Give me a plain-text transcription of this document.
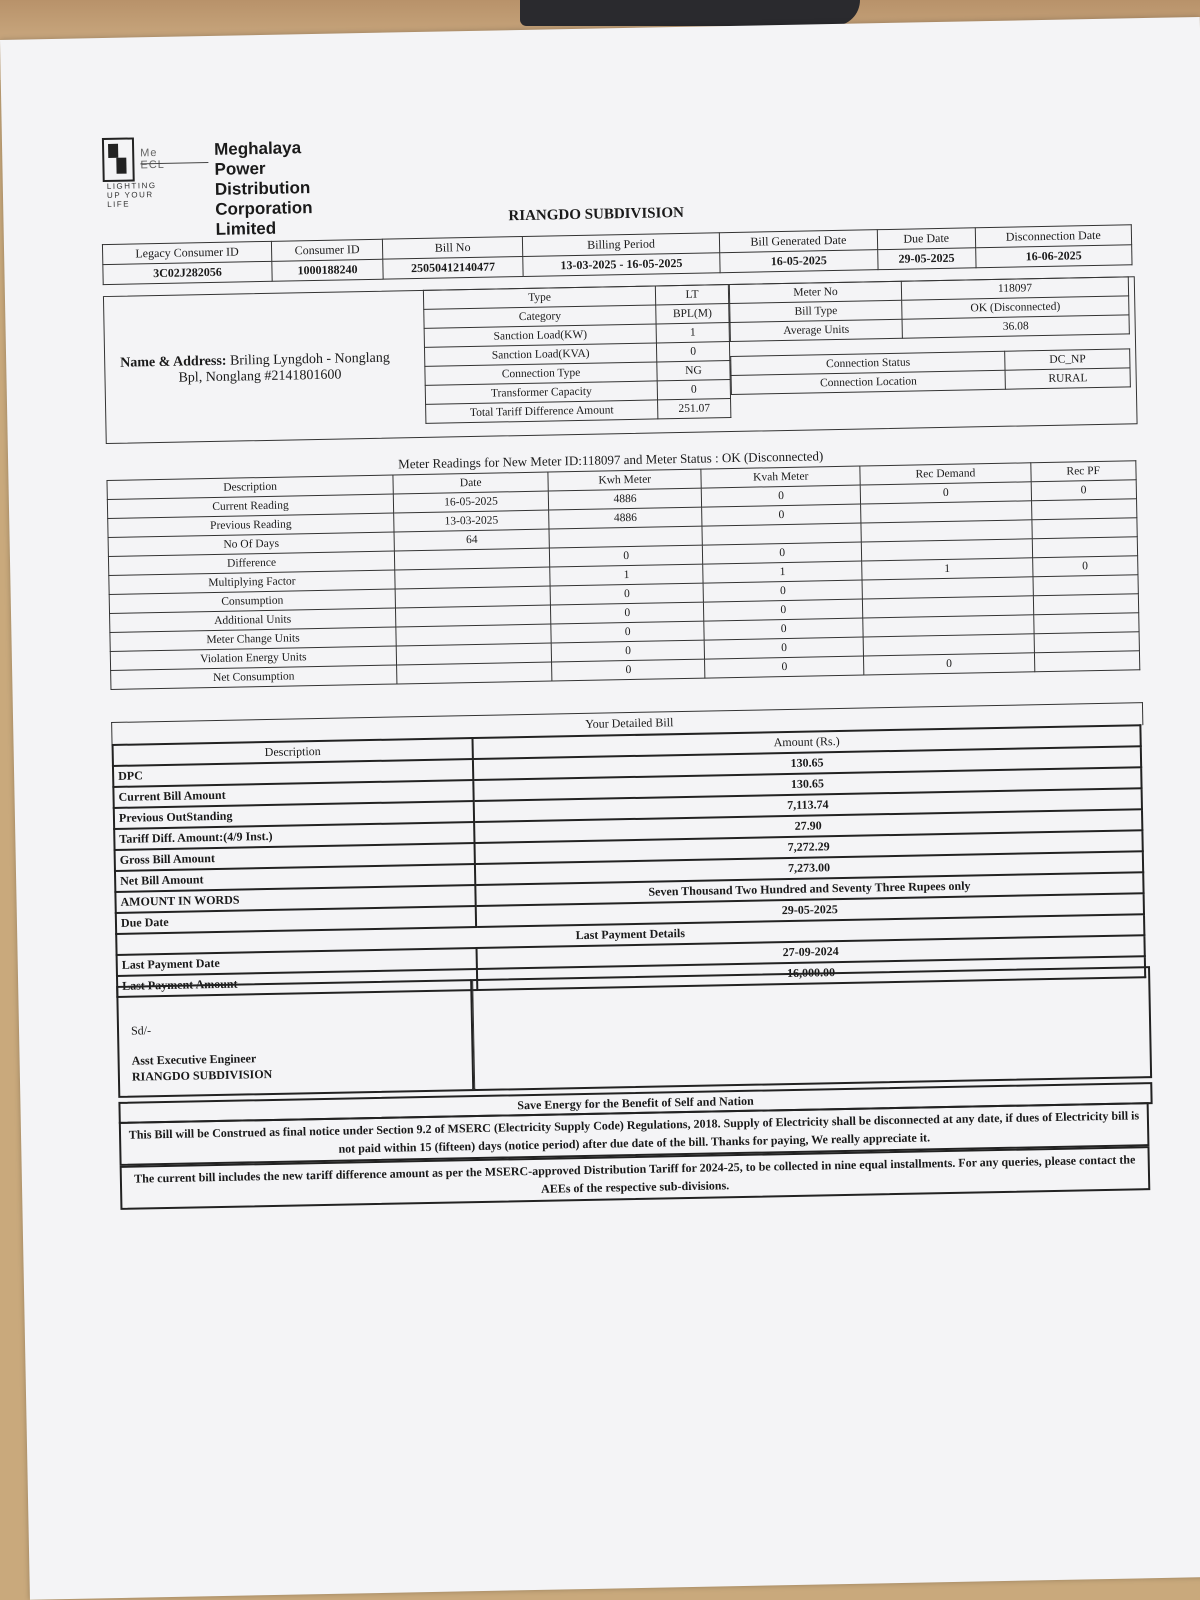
Me ECL
LIGHTING UP YOUR LIFE
Meghalaya Power Distribution Corporation Limited
RIANGDO SUBDIVISION
Legacy Consumer ID	Consumer ID	Bill No	Billing Period	Bill Generated Date	Due Date	Disconnection Date
3C02J282056	1000188240	25050412140477	13-03-2025 - 16-05-2025	16-05-2025	29-05-2025	16-06-2025
Name & Address: Briling Lyngdoh - Nonglang
Bpl, Nonglang #2141801600
Type	LT
Category	BPL(M)
Sanction Load(KW)	1
Sanction Load(KVA)	0
Connection Type	NG
Transformer Capacity	0
Total Tariff Difference Amount	251.07
Meter No	118097
Bill Type	OK (Disconnected)
Average Units	36.08
Connection Status	DC_NP
Connection Location	RURAL
Meter Readings for New Meter ID:118097 and Meter Status : OK (Disconnected)
Description	Date	Kwh Meter	Kvah Meter	Rec Demand	Rec PF
Current Reading	16-05-2025	4886	0	0	0
Previous Reading	13-03-2025	4886	0		
No Of Days	64				
Difference		0	0		
Multiplying Factor		1	1	1	0
Consumption		0	0		
Additional Units		0	0		
Meter Change Units		0	0		
Violation Energy Units		0	0		
Net Consumption		0	0	0	
Your Detailed Bill
Description	Amount (Rs.)
DPC	130.65
Current Bill Amount	130.65
Previous OutStanding	7,113.74
Tariff Diff. Amount:(4/9 Inst.)	27.90
Gross Bill Amount	7,272.29
Net Bill Amount	7,273.00
AMOUNT IN WORDS	Seven Thousand Two Hundred and Seventy Three Rupees only
Due Date	29-05-2025
Last Payment Details	
Last Payment Date	27-09-2024
Last Payment Amount	16,000.00
Sd/-
Asst Executive Engineer
RIANGDO SUBDIVISION
Save Energy for the Benefit of Self and Nation
This Bill will be Construed as final notice under Section 9.2 of MSERC (Electricity Supply Code) Regulations, 2018. Supply of Electricity shall be disconnected at any date, if dues of Electricity bill is not paid within 15 (fifteen) days (notice period) after due date of the bill. Thanks for paying, We really appreciate it.
The current bill includes the new tariff difference amount as per the MSERC-approved Distribution Tariff for 2024-25, to be collected in nine equal installments. For any queries, please contact the AEEs of the respective sub-divisions.
